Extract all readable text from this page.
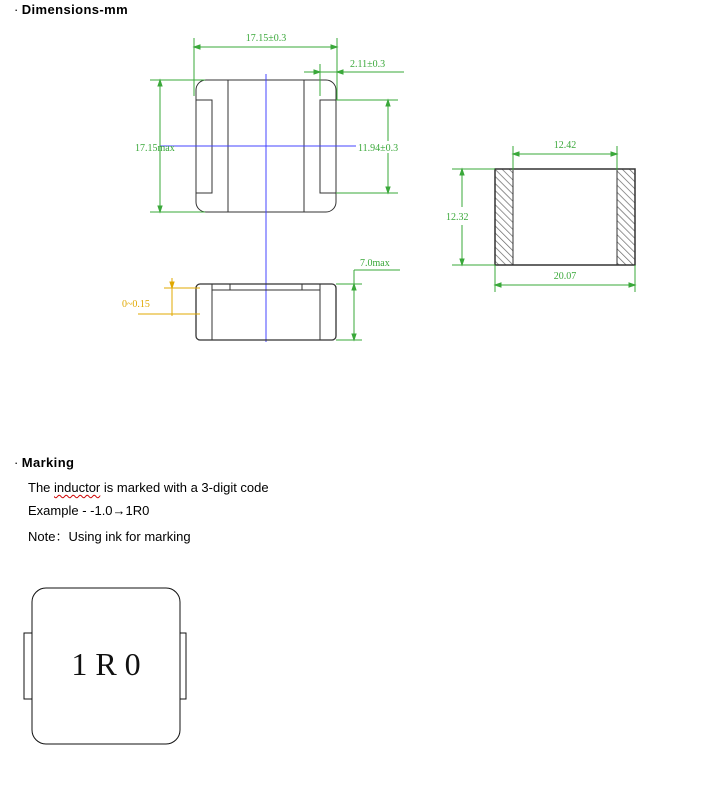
· Dimensions-mm
17.15±0.3
2.11±0.3
17.15max	11.94±0.3
7.0max
0~0.15
12.42
12.32
20.07
1 R 0
· Marking
The inductor is marked with a 3-digit code
Example - -1.0→1R0
Note：Using ink for marking
